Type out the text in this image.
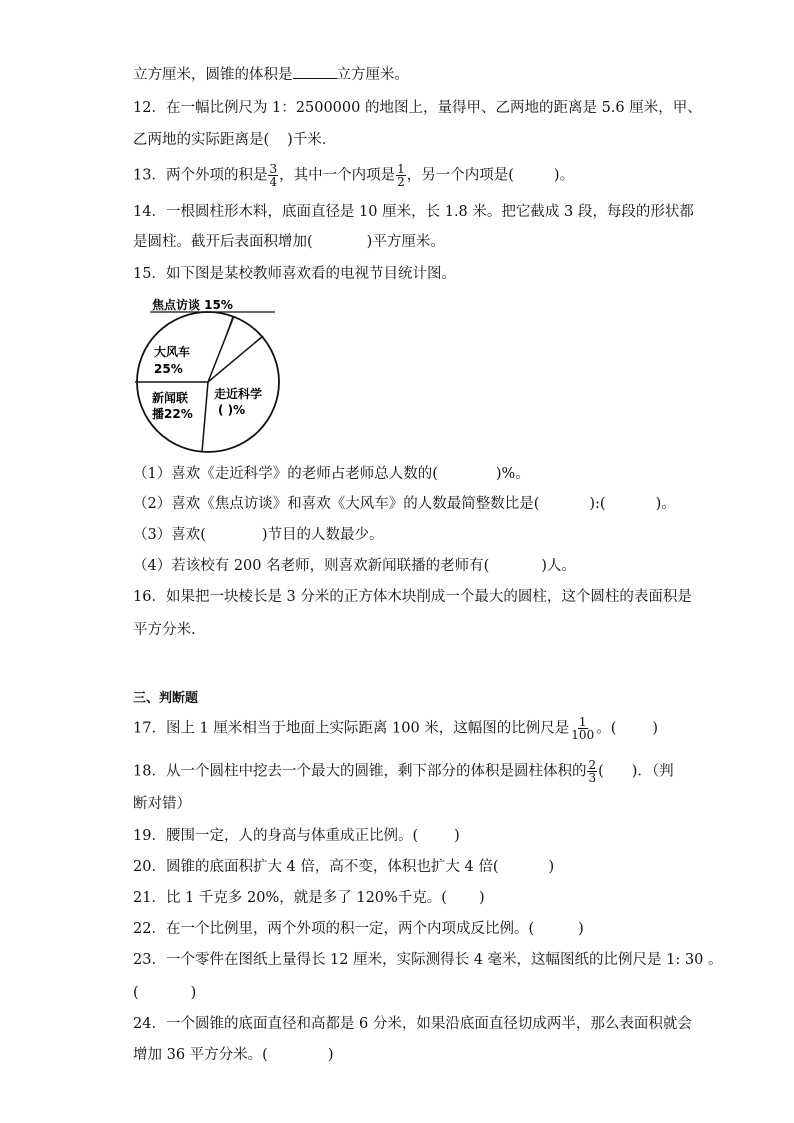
立方厘米，圆锥的体积是	立方厘米。
12．在一幅比例尺为 1：2500000 的地图上，量得甲、乙两地的距离是 5.6 厘米，甲、
乙两地的实际距离是( )千米．
13．两个外项的积是 $\frac{3}{4}$ ，其中一个内项是 $\frac{1}{2}$ ，另一个内项是(	)。
14．一根圆柱形木料，底面直径是 10 厘米，长 1.8 米。把它截成 3 段，每段的形状都
是圆柱。截开后表面积增加(	)平方厘米。
15．如下图是某校教师喜欢看的电视节目统计图。
焦点访谈 15%
大风车
25%
新闻联
播22%
走近科学
( )%
（1）喜欢《走近科学》的老师占老师总人数的(	)%。
（2）喜欢《焦点访谈》和喜欢《大风车》的人数最简整数比是(	):(	)。
（3）喜欢(	)节目的人数最少。
（4）若该校有 200 名老师，则喜欢新闻联播的老师有(	)人。
16．如果把一块棱长是 3 分米的正方体木块削成一个最大的圆柱，这个圆柱的表面积是
平方分米.
三、判断题
17．图上 1 厘米相当于地面上实际距离 100 米，这幅图的比例尺是 $\frac{1}{100}$ 。( )
18．从一个圆柱中挖去一个最大的圆锥，剩下部分的体积是圆柱体积的 $\frac{2}{3}$ ( )．（判
断对错）
19．腰围一定，人的身高与体重成正比例。( )
20．圆锥的底面积扩大 4 倍，高不变，体积也扩大 4 倍(	)
21．比 1 千克多 20%，就是多了 120%千克。( )
22．在一个比例里，两个外项的积一定，两个内项成反比例。(	)
23．一个零件在图纸上量得长 12 厘米，实际测得长 4 毫米，这幅图纸的比例尺是 1: 30 。
(	)
24．一个圆锥的底面直径和高都是 6 分米，如果沿底面直径切成两半，那么表面积就会
增加 36 平方分米。(	)
